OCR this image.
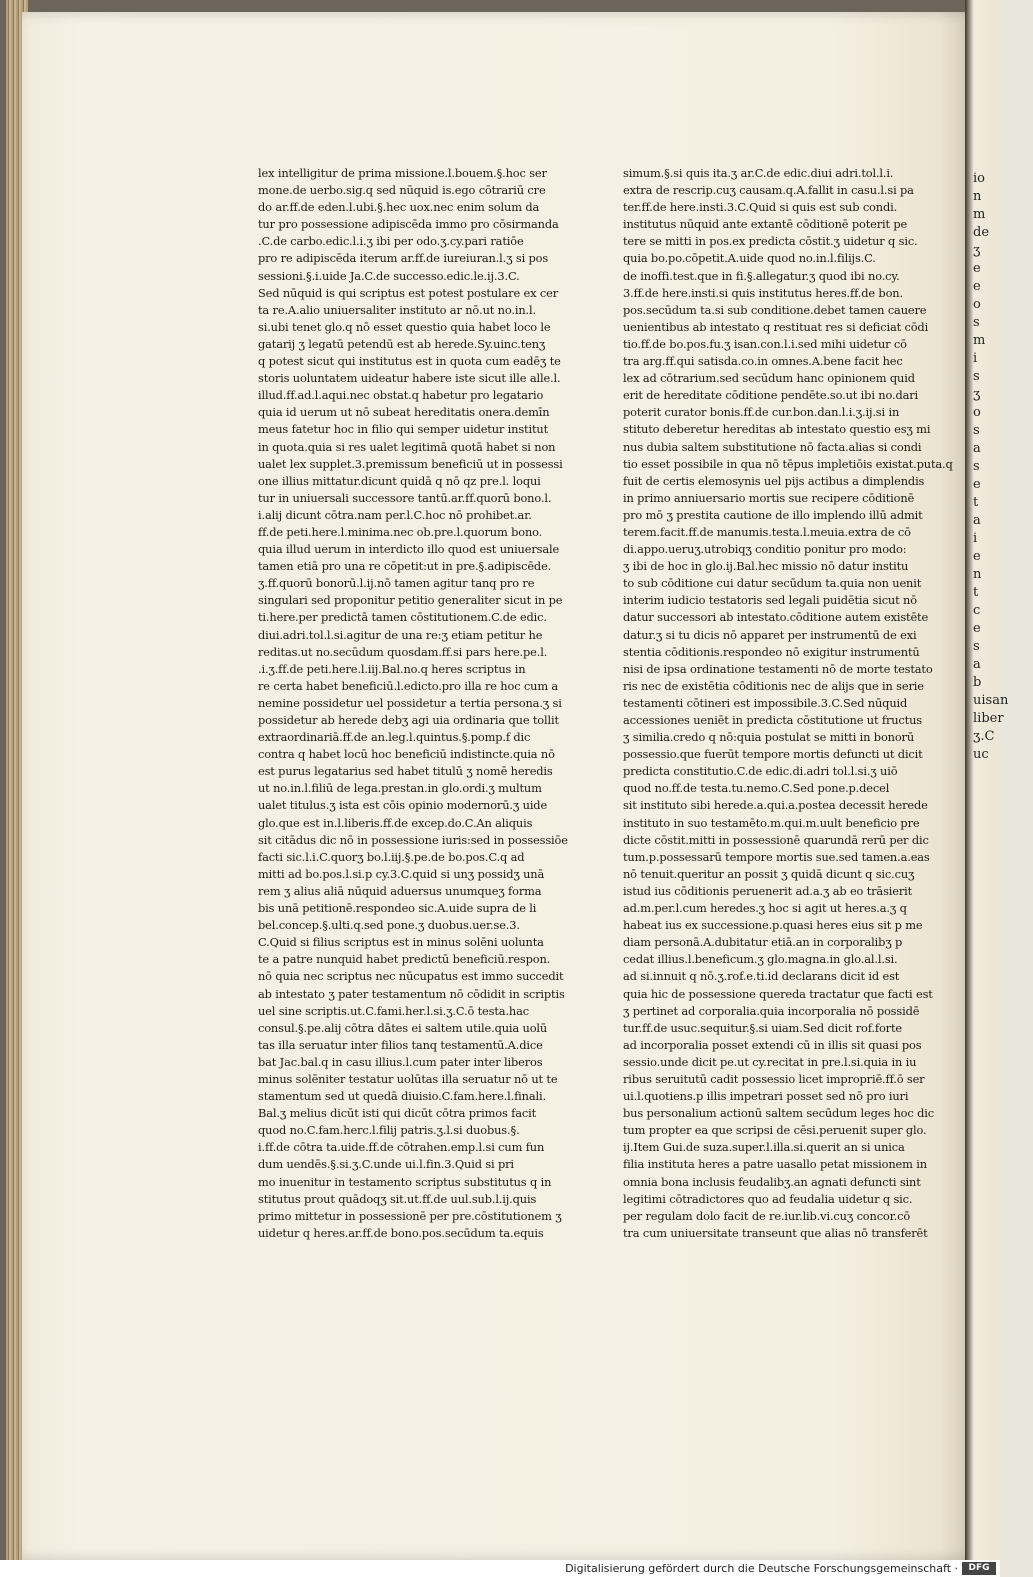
lex intelligitur de prima missione.l.bouem.§.hoc ser
mone.de uerbo.sig.q sed nūquid is.ego cōtrariū cre
do ar.ff.de eden.l.ubi.§.hec uox.nec enim solum da
tur pro possessione adipiscēda immo pro cōsirmanda
.C.de carbo.edic.l.i.ʒ ibi per odo.ʒ.cy.pari ratiōe
pro re adipiscēda iterum ar.ff.de iureiuran.l.ʒ si pos
sessioni.§.i.uide Ja.C.de successo.edic.le.ij.3.C.
Sed nūquid is qui scriptus est potest postulare ex cer
ta re.A.alio uniuersaliter instituto ar nō.ut no.in.l.
si.ubi tenet glo.q nō esset questio quia habet loco le
gatarij ʒ legatū petendū est ab herede.Sy.uinc.tenʒ
q potest sicut qui institutus est in quota cum eadēʒ te
storis uoluntatem uideatur habere iste sicut ille alle.l.
illud.ff.ad.l.aqui.nec obstat.q habetur pro legatario
quia id uerum ut nō subeat hereditatis onera.demīn
meus fatetur hoc in filio qui semper uidetur institut
in quota.quia si res ualet legitimā quotā habet si non
ualet lex supplet.3.premissum beneficiū ut in possessi
one illius mittatur.dicunt quidā q nō qz pre.l. loqui
tur in uniuersali successore tantū.ar.ff.quorū bono.l.
i.alij dicunt cōtra.nam per.l.C.hoc nō prohibet.ar.
ff.de peti.here.l.minima.nec ob.pre.l.quorum bono.
quia illud uerum in interdicto illo quod est uniuersale
tamen etiā pro una re cōpetit:ut in pre.§.adipiscēde.
ʒ.ff.quorū bonorū.l.ij.nō tamen agitur tanq pro re
singulari sed proponitur petitio generaliter sicut in pe
ti.here.per predictā tamen cōstitutionem.C.de edic.
diui.adri.tol.l.si.agitur de una re:ʒ etiam petitur he
reditas.ut no.secūdum quosdam.ff.si pars here.pe.l.
.i.ʒ.ff.de peti.here.l.iij.Bal.no.q heres scriptus in
re certa habet beneficiū.l.edicto.pro illa re hoc cum a
nemine possidetur uel possidetur a tertia persona.ʒ si
possidetur ab herede debʒ agi uia ordinaria que tollit
extraordinariā.ff.de an.leg.l.quintus.§.pomp.f dic
contra q habet locū hoc beneficiū indistincte.quia nō
est purus legatarius sed habet titulū ʒ nomē heredis
ut no.in.l.filiū de lega.prestan.in glo.ordi.ʒ multum
ualet titulus.ʒ ista est cōis opinio modernorū.ʒ uide
glo.que est in.l.liberis.ff.de excep.do.C.An aliquis
sit citādus dic nō in possessione iuris:sed in possessiōe
facti sic.l.i.C.quorʒ bo.l.iij.§.pe.de bo.pos.C.q ad
mitti ad bo.pos.l.si.p cy.3.C.quid si unʒ possidʒ unā
rem ʒ alius aliā nūquid aduersus unumqueʒ forma
bis unā petitionē.respondeo sic.A.uide supra de li
bel.concep.§.ulti.q.sed pone.ʒ duobus.uer.se.3.
C.Quid si filius scriptus est in minus solēni uolunta
te a patre nunquid habet predictū beneficiū.respon.
nō quia nec scriptus nec nūcupatus est immo succedit
ab intestato ʒ pater testamentum nō cōdidit in scriptis
uel sine scriptis.ut.C.fami.her.l.si.ʒ.C.ō testa.hac
consul.§.pe.alij cōtra dātes ei saltem utile.quia uolū
tas illa seruatur inter filios tanq testamentū.A.dice
bat Jac.bal.q in casu illius.l.cum pater inter liberos
minus solēniter testatur uolūtas illa seruatur nō ut te
stamentum sed ut quedā diuisio.C.fam.here.l.finali.
Bal.ʒ melius dicūt isti qui dicūt cōtra primos facit
quod no.C.fam.herc.l.filij patris.ʒ.l.si duobus.§.
i.ff.de cōtra ta.uide.ff.de cōtrahen.emp.l.si cum fun
dum uendēs.§.si.ʒ.C.unde ui.l.fin.3.Quid si pri
mo inuenitur in testamento scriptus substitutus q in
stitutus prout quādoqʒ sit.ut.ff.de uul.sub.l.ij.quis
primo mittetur in possessionē per pre.cōstitutionem ʒ
uidetur q heres.ar.ff.de bono.pos.secūdum ta.equis
simum.§.si quis ita.ʒ ar.C.de edic.diui adri.tol.l.i.
extra de rescrip.cuʒ causam.q.A.fallit in casu.l.si pa
ter.ff.de here.insti.3.C.Quid si quis est sub condi.
institutus nūquid ante extantē cōditionē poterit pe
tere se mitti in pos.ex predicta cōstit.ʒ uidetur q sic.
quia bo.po.cōpetit.A.uide quod no.in.l.filijs.C.
de inoffi.test.que in fi.§.allegatur.ʒ quod ibi no.cy.
3.ff.de here.insti.si quis institutus heres.ff.de bon.
pos.secūdum ta.si sub conditione.debet tamen cauere
uenientibus ab intestato q restituat res si deficiat cōdi
tio.ff.de bo.pos.fu.ʒ isan.con.l.i.sed mihi uidetur cō
tra arg.ff.qui satisda.co.in omnes.A.bene facit hec
lex ad cōtrarium.sed secūdum hanc opinionem quid
erit de hereditate cōditione pendēte.so.ut ibi no.dari
poterit curator bonis.ff.de cur.bon.dan.l.i.ʒ.ij.si in
stituto deberetur hereditas ab intestato questio esʒ mi
nus dubia saltem substitutione nō facta.alias si condi
tio esset possibile in qua nō tēpus impletiōis existat.puta.q
fuit de certis elemosynis uel pijs actibus a dimplendis
in primo anniuersario mortis sue recipere cōditionē
pro mō ʒ prestita cautione de illo implendo illū admit
terem.facit.ff.de manumis.testa.l.meuia.extra de cō
di.appo.ueruʒ.utrobiqʒ conditio ponitur pro modo:
ʒ ibi de hoc in glo.ij.Bal.hec missio nō datur institu
to sub cōditione cui datur secūdum ta.quia non uenit
interim iudicio testatoris sed legali puidētia sicut nō
datur successori ab intestato.cōditione autem existēte
datur.ʒ si tu dicis nō apparet per instrumentū de exi
stentia cōditionis.respondeo nō exigitur instrumentū
nisi de ipsa ordinatione testamenti nō de morte testato
ris nec de existētia cōditionis nec de alijs que in serie
testamenti cōtineri est impossibile.3.C.Sed nūquid
accessiones ueniēt in predicta cōstitutione ut fructus
ʒ similia.credo q nō:quia postulat se mitti in bonorū
possessio.que fuerūt tempore mortis defuncti ut dicit
predicta constitutio.C.de edic.di.adri tol.l.si.ʒ uiō
quod no.ff.de testa.tu.nemo.C.Sed pone.p.decel
sit instituto sibi herede.a.qui.a.postea decessit herede
instituto in suo testamēto.m.qui.m.uult beneficio pre
dicte cōstit.mitti in possessionē quarundā rerū per dic
tum.p.possessarū tempore mortis sue.sed tamen.a.eas
nō tenuit.queritur an possit ʒ quidā dicunt q sic.cuʒ
istud ius cōditionis peruenerit ad.a.ʒ ab eo trāsierit
ad.m.per.l.cum heredes.ʒ hoc si agit ut heres.a.ʒ q
habeat ius ex successione.p.quasi heres eius sit p me
diam personā.A.dubitatur etiā.an in corporalibʒ p
cedat illius.l.beneficum.ʒ glo.magna.in glo.al.l.si.
ad si.innuit q nō.ʒ.rof.e.ti.id declarans dicit id est
quia hic de possessione quereda tractatur que facti est
ʒ pertinet ad corporalia.quia incorporalia nō possidē
tur.ff.de usuc.sequitur.§.si uiam.Sed dicit rof.forte
ad incorporalia posset extendi cū in illis sit quasi pos
sessio.unde dicit pe.ut cy.recitat in pre.l.si.quia in iu
ribus seruitutū cadit possessio licet impropriē.ff.ō ser
ui.l.quotiens.p illis impetrari posset sed nō pro iuri
bus personalium actionū saltem secūdum leges hoc dic
tum propter ea que scripsi de cēsi.peruenit super glo.
ij.Item Gui.de suza.super.l.illa.si.querit an si unica
filia instituta heres a patre uasallo petat missionem in
omnia bona inclusis feudalibʒ.an agnati defuncti sint
legitimi cōtradictores quo ad feudalia uidetur q sic.
per regulam dolo facit de re.iur.lib.vi.cuʒ concor.cō
tra cum uniuersitate transeunt que alias nō transferēt
io
n
m
de
ʒ
e
e
o
s
m
i
s
ʒ
o
s
a
s
e
t
a
i
e
n
t
c
e
s
a
b
uisan
liber
ʒ.C
uc
Digitalisierung gefördert durch die Deutsche Forschungsgemeinschaft ·	DFG
